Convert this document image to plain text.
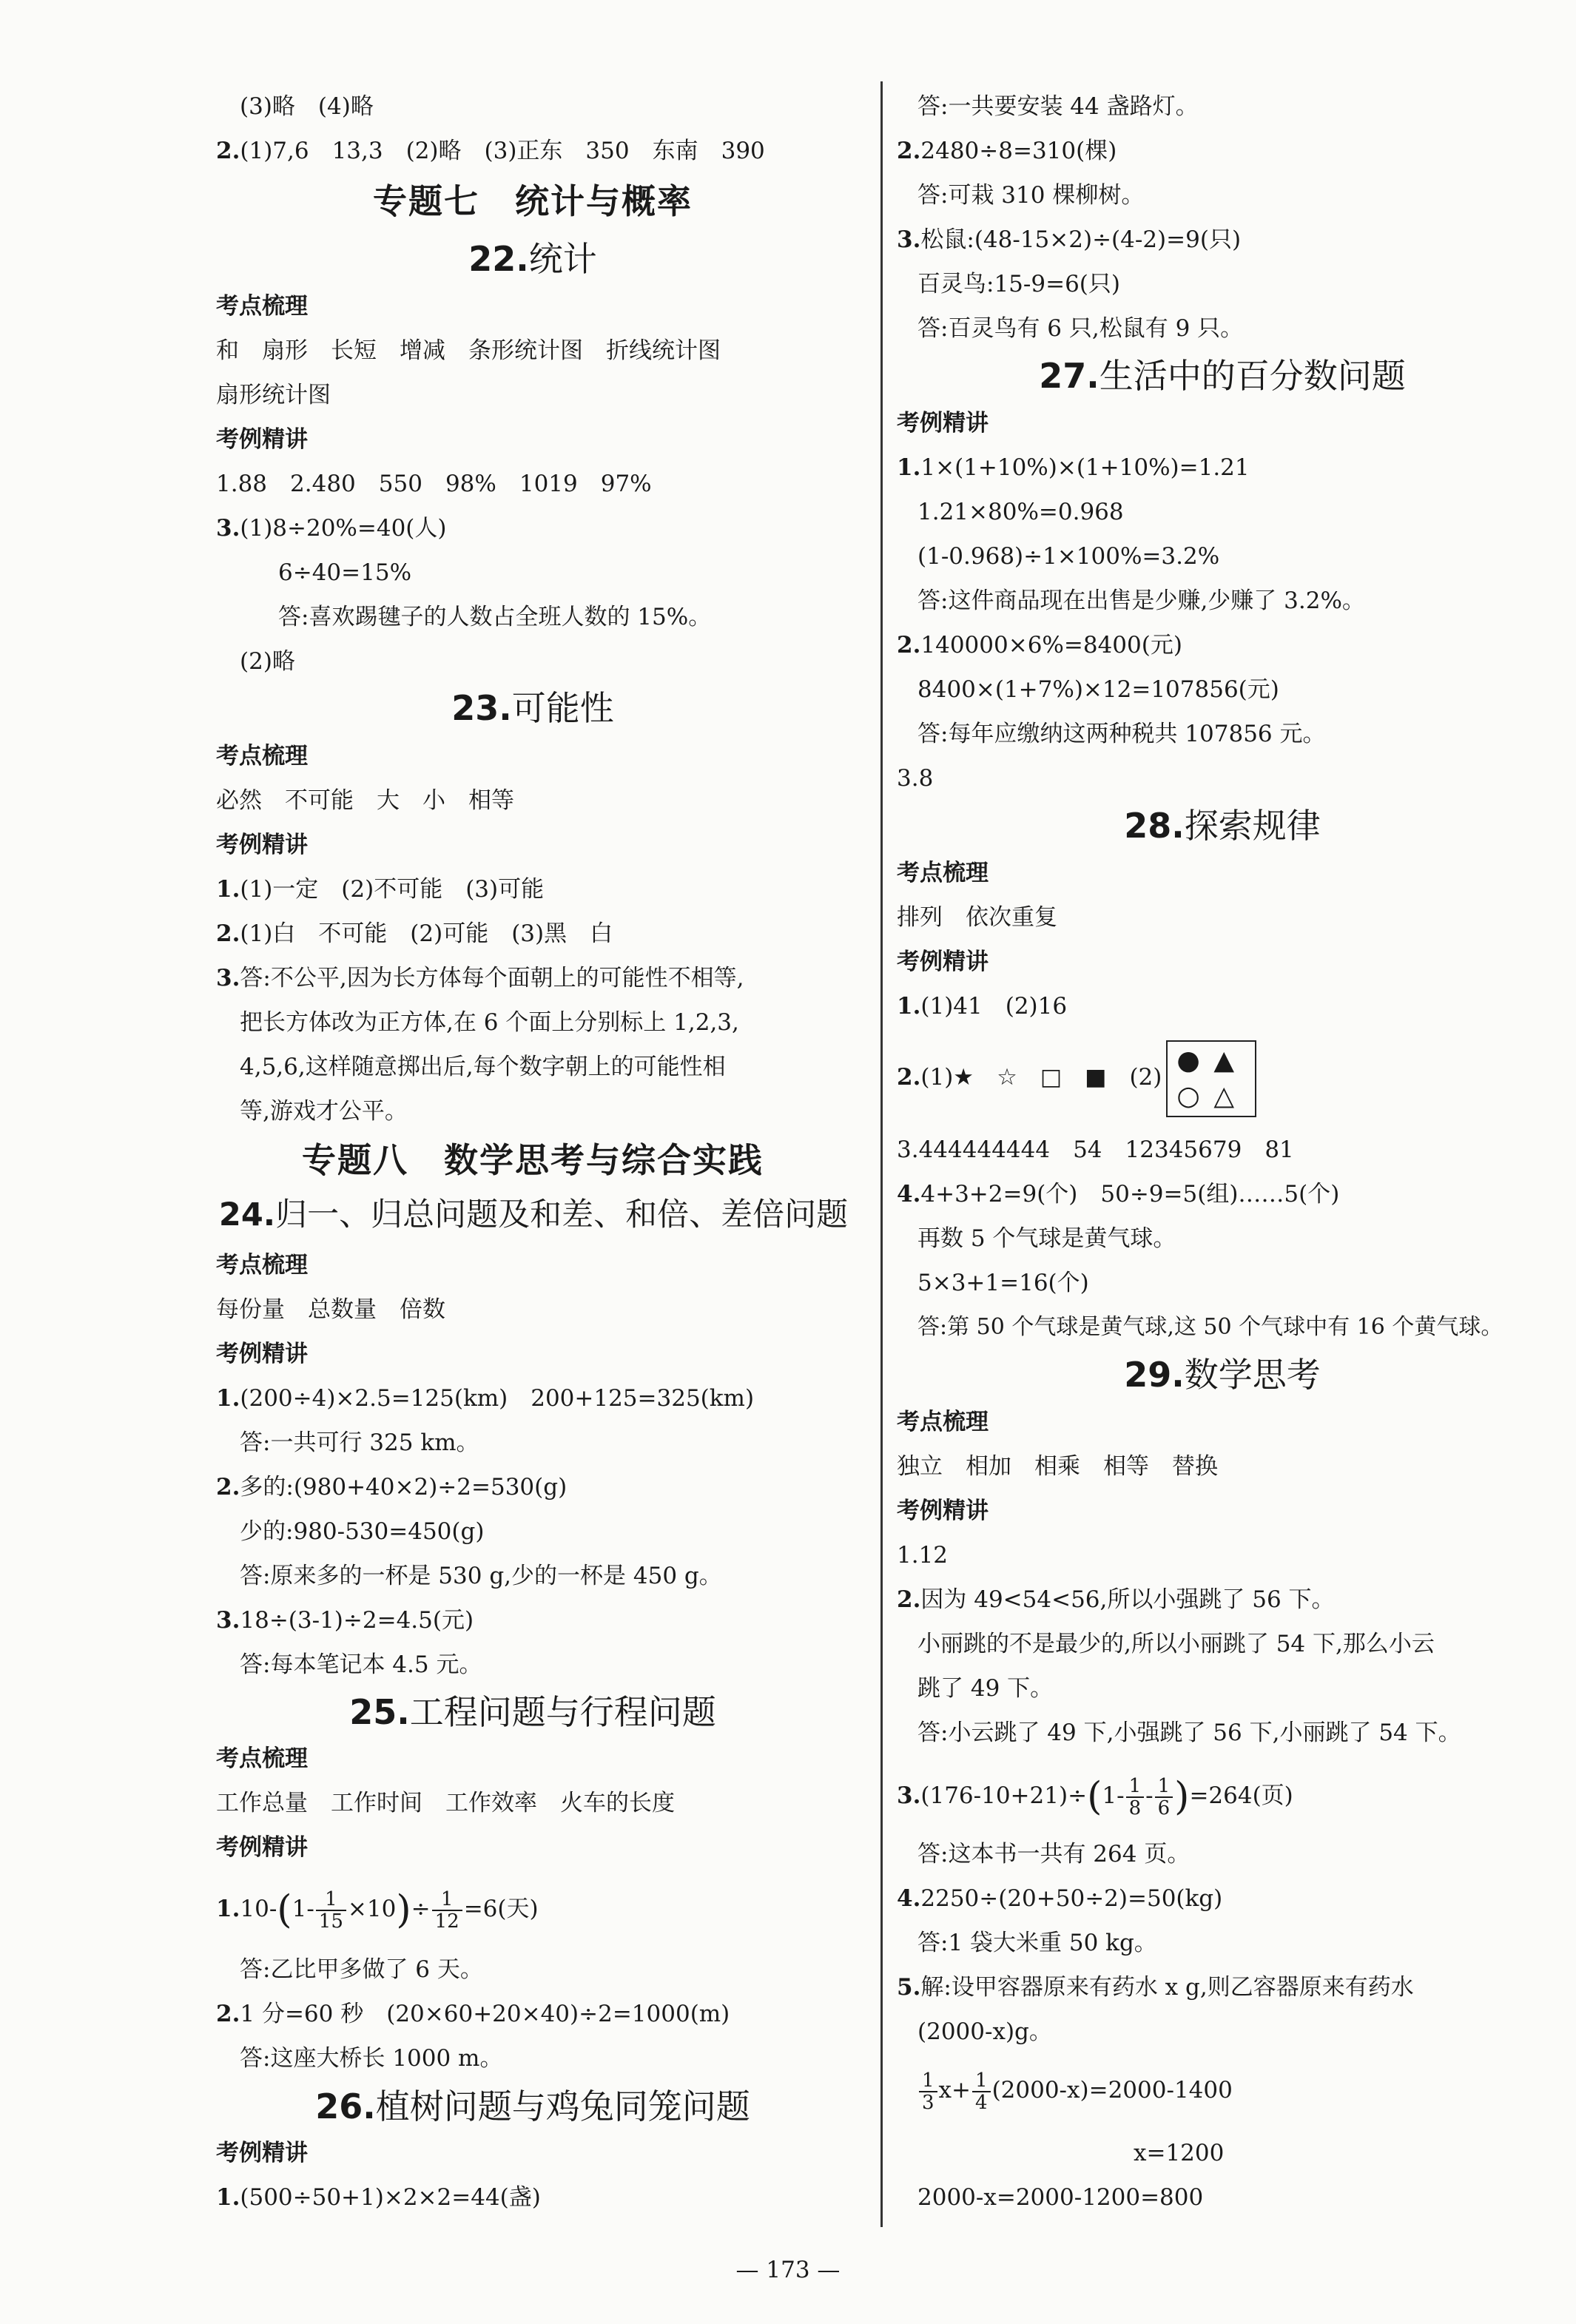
(3)略　(4)略
2.(1)7,6　13,3　(2)略　(3)正东　350　东南　390
专题七　统计与概率
22.统计
考点梳理
和　扇形　长短　增减　条形统计图　折线统计图
扇形统计图
考例精讲
1.88　2.480　550　98%　1019　97%
3.(1)8÷20%=40(人)
6÷40=15%
答:喜欢踢毽子的人数占全班人数的 15%。
(2)略
23.可能性
考点梳理
必然　不可能　大　小　相等
考例精讲
1.(1)一定　(2)不可能　(3)可能
2.(1)白　不可能　(2)可能　(3)黑　白
3.答:不公平,因为长方体每个面朝上的可能性不相等,
把长方体改为正方体,在 6 个面上分别标上 1,2,3,
4,5,6,这样随意掷出后,每个数字朝上的可能性相
等,游戏才公平。
专题八　数学思考与综合实践
24.归一、归总问题及和差、和倍、差倍问题
考点梳理
每份量　总数量　倍数
考例精讲
1.(200÷4)×2.5=125(km)　200+125=325(km)
答:一共可行 325 km。
2.多的:(980+40×2)÷2=530(g)
少的:980-530=450(g)
答:原来多的一杯是 530 g,少的一杯是 450 g。
3.18÷(3-1)÷2=4.5(元)
答:每本笔记本 4.5 元。
25.工程问题与行程问题
考点梳理
工作总量　工作时间　工作效率　火车的长度
考例精讲
$1.10-(1- \frac{1}{15} \times 10)\div \frac{1}{12} =6$(天)
答:乙比甲多做了 6 天。
2.1 分=60 秒　(20×60+20×40)÷2=1000(m)
答:这座大桥长 1000 m。
26.植树问题与鸡兔同笼问题
考例精讲
1.(500÷50+1)×2×2=44(盏)
答:一共要安装 44 盏路灯。
2.2480÷8=310(棵)
答:可栽 310 棵柳树。
3.松鼠:(48-15×2)÷(4-2)=9(只)
百灵鸟:15-9=6(只)
答:百灵鸟有 6 只,松鼠有 9 只。
27.生活中的百分数问题
考例精讲
1.1×(1+10%)×(1+10%)=1.21
1.21×80%=0.968
(1-0.968)÷1×100%=3.2%
答:这件商品现在出售是少赚,少赚了 3.2%。
2.140000×6%=8400(元)
8400×(1+7%)×12=107856(元)
答:每年应缴纳这两种税共 107856 元。
3.8
28.探索规律
考点梳理
排列　依次重复
考例精讲
1.(1)41　(2)16
2.(1)★　☆　□　■　(2)
● ▲
○ △
3.444444444　54　12345679　81
4.4+3+2=9(个)　50÷9=5(组)……5(个)
再数 5 个气球是黄气球。
5×3+1=16(个)
答:第 50 个气球是黄气球,这 50 个气球中有 16 个黄气球。
29.数学思考
考点梳理
独立　相加　相乘　相等　替换
考例精讲
1.12
2.因为 49<54<56,所以小强跳了 56 下。
小丽跳的不是最少的,所以小丽跳了 54 下,那么小云
跳了 49 下。
答:小云跳了 49 下,小强跳了 56 下,小丽跳了 54 下。
$3.(176-10+21)\div(1- \frac{1}{8} - \frac{1}{6} )=264$(页)
答:这本书一共有 264 页。
4.2250÷(20+50÷2)=50(kg)
答:1 袋大米重 50 kg。
5.解:设甲容器原来有药水 x g,则乙容器原来有药水
(2000-x)g。
$\frac{1}{3} x+ \frac{1}{4} (2000-x)=2000-1400$
x=1200
2000-x=2000-1200=800
— 173 —
